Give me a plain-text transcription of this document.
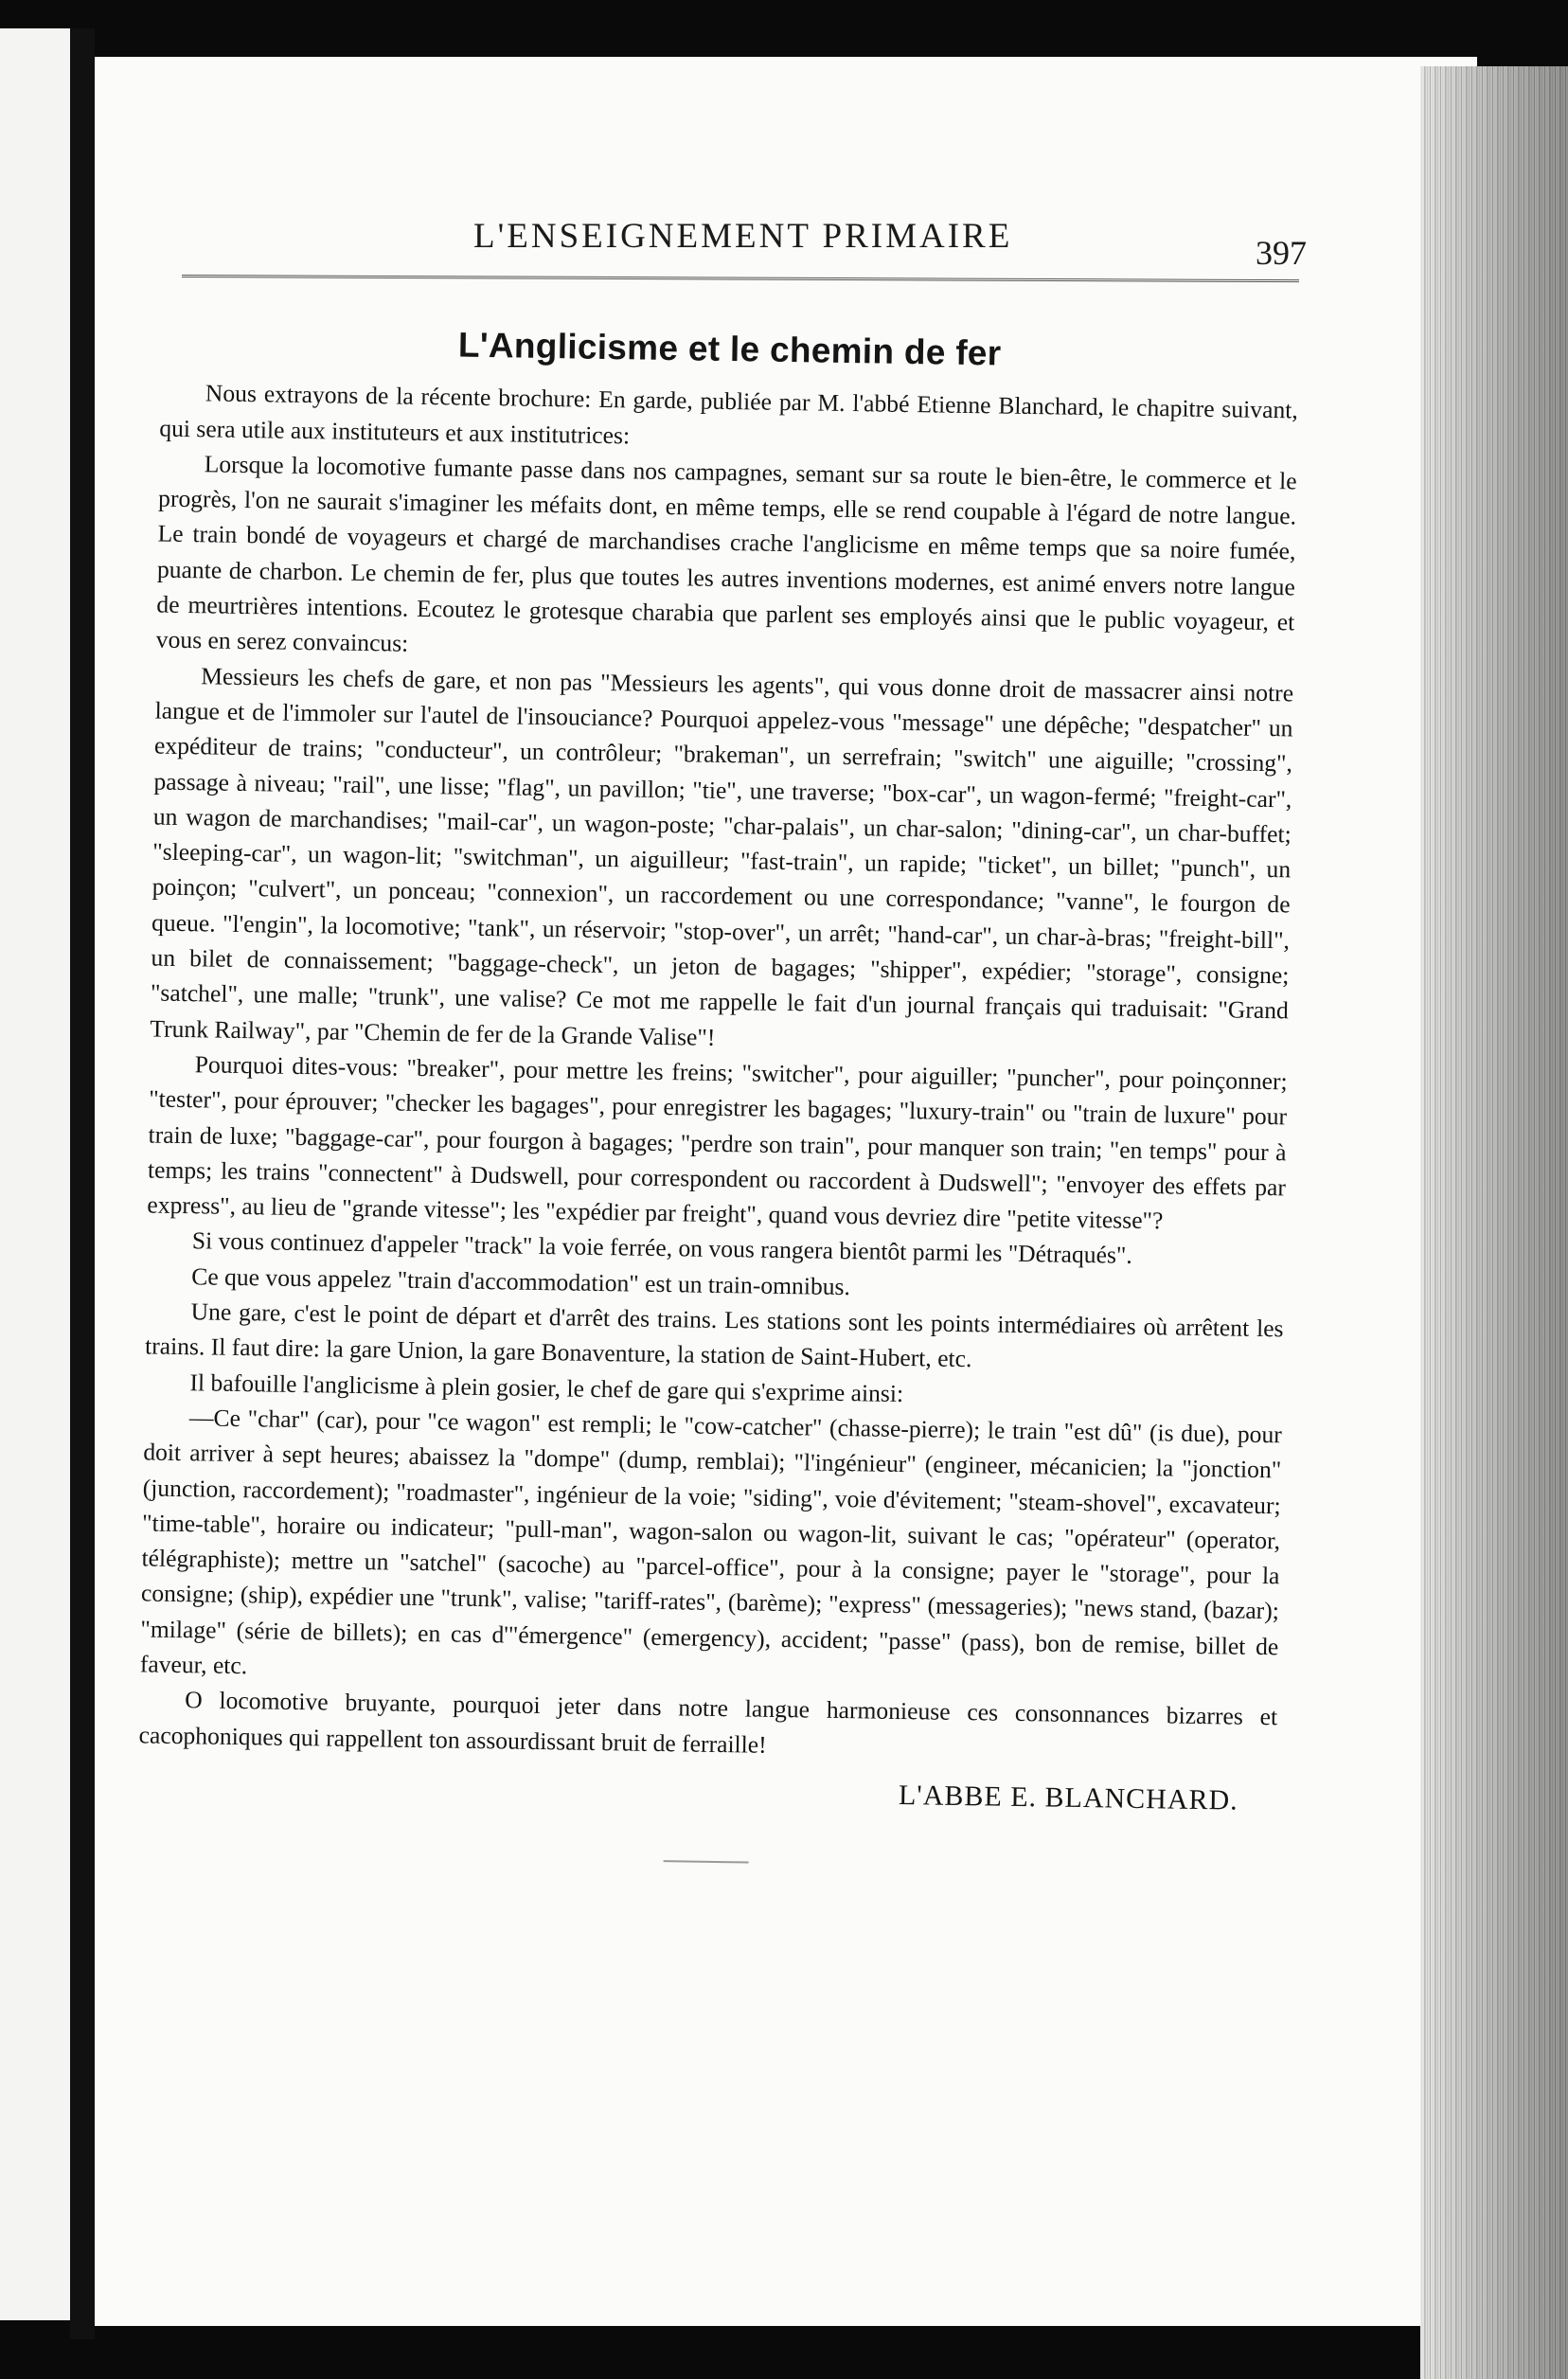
L'ENSEIGNEMENT PRIMAIRE	397
L'Anglicisme et le chemin de fer

Nous extrayons de la récente brochure: En garde, publiée par M. l'abbé Etienne Blanchard, le chapitre suivant, qui sera utile aux instituteurs et aux institutrices:

Lorsque la locomotive fumante passe dans nos campagnes, semant sur sa route le bien-être, le commerce et le progrès, l'on ne saurait s'imaginer les méfaits dont, en même temps, elle se rend coupable à l'égard de notre langue. Le train bondé de voyageurs et chargé de marchandises crache l'anglicisme en même temps que sa noire fumée, puante de charbon. Le chemin de fer, plus que toutes les autres inventions modernes, est animé envers notre langue de meurtrières intentions. Ecoutez le grotesque charabia que parlent ses employés ainsi que le public voyageur, et vous en serez convaincus:

Messieurs les chefs de gare, et non pas "Messieurs les agents", qui vous donne droit de massacrer ainsi notre langue et de l'immoler sur l'autel de l'insouciance? Pourquoi appelez-vous "message" une dépêche; "despatcher" un expéditeur de trains; "conducteur", un contrôleur; "brakeman", un serrefrain; "switch" une aiguille; "crossing", passage à niveau; "rail", une lisse; "flag", un pavillon; "tie", une traverse; "box-car", un wagon-fermé; "freight-car", un wagon de marchandises; "mail-car", un wagon-poste; "char-palais", un char-salon; "dining-car", un char-buffet; "sleeping-car", un wagon-lit; "switchman", un aiguilleur; "fast-train", un rapide; "ticket", un billet; "punch", un poinçon; "culvert", un ponceau; "connexion", un raccordement ou une correspondance; "vanne", le fourgon de queue. "l'engin", la locomotive; "tank", un réservoir; "stop-over", un arrêt; "hand-car", un char-à-bras; "freight-bill", un bilet de connaissement; "baggage-check", un jeton de bagages; "shipper", expédier; "storage", consigne; "satchel", une malle; "trunk", une valise? Ce mot me rappelle le fait d'un journal français qui traduisait: "Grand Trunk Railway", par "Chemin de fer de la Grande Valise"!

Pourquoi dites-vous: "breaker", pour mettre les freins; "switcher", pour aiguiller; "puncher", pour poinçonner; "tester", pour éprouver; "checker les bagages", pour enregistrer les bagages; "luxury-train" ou "train de luxure" pour train de luxe; "baggage-car", pour fourgon à bagages; "perdre son train", pour manquer son train; "en temps" pour à temps; les trains "connectent" à Dudswell, pour correspondent ou raccordent à Dudswell"; "envoyer des effets par express", au lieu de "grande vitesse"; les "expédier par freight", quand vous devriez dire "petite vitesse"?

Si vous continuez d'appeler "track" la voie ferrée, on vous rangera bientôt parmi les "Détraqués".

Ce que vous appelez "train d'accommodation" est un train-omnibus.

Une gare, c'est le point de départ et d'arrêt des trains. Les stations sont les points intermédiaires où arrêtent les trains. Il faut dire: la gare Union, la gare Bonaventure, la station de Saint-Hubert, etc.

Il bafouille l'anglicisme à plein gosier, le chef de gare qui s'exprime ainsi:

—Ce "char" (car), pour "ce wagon" est rempli; le "cow-catcher" (chasse-pierre); le train "est dû" (is due), pour doit arriver à sept heures; abaissez la "dompe" (dump, remblai); "l'ingénieur" (engineer, mécanicien; la "jonction" (junction, raccordement); "roadmaster", ingénieur de la voie; "siding", voie d'évitement; "steam-shovel", excavateur; "time-table", horaire ou indicateur; "pull-man", wagon-salon ou wagon-lit, suivant le cas; "opérateur" (operator, télégraphiste); mettre un "satchel" (sacoche) au "parcel-office", pour à la consigne; payer le "storage", pour la consigne; (ship), expédier une "trunk", valise; "tariff-rates", (barème); "express" (messageries); "news stand, (bazar); "milage" (série de billets); en cas d'"émergence" (emergency), accident; "passe" (pass), bon de remise, billet de faveur, etc.

O locomotive bruyante, pourquoi jeter dans notre langue harmonieuse ces consonnances bizarres et cacophoniques qui rappellent ton assourdissant bruit de ferraille!

L'ABBE E. BLANCHARD.
